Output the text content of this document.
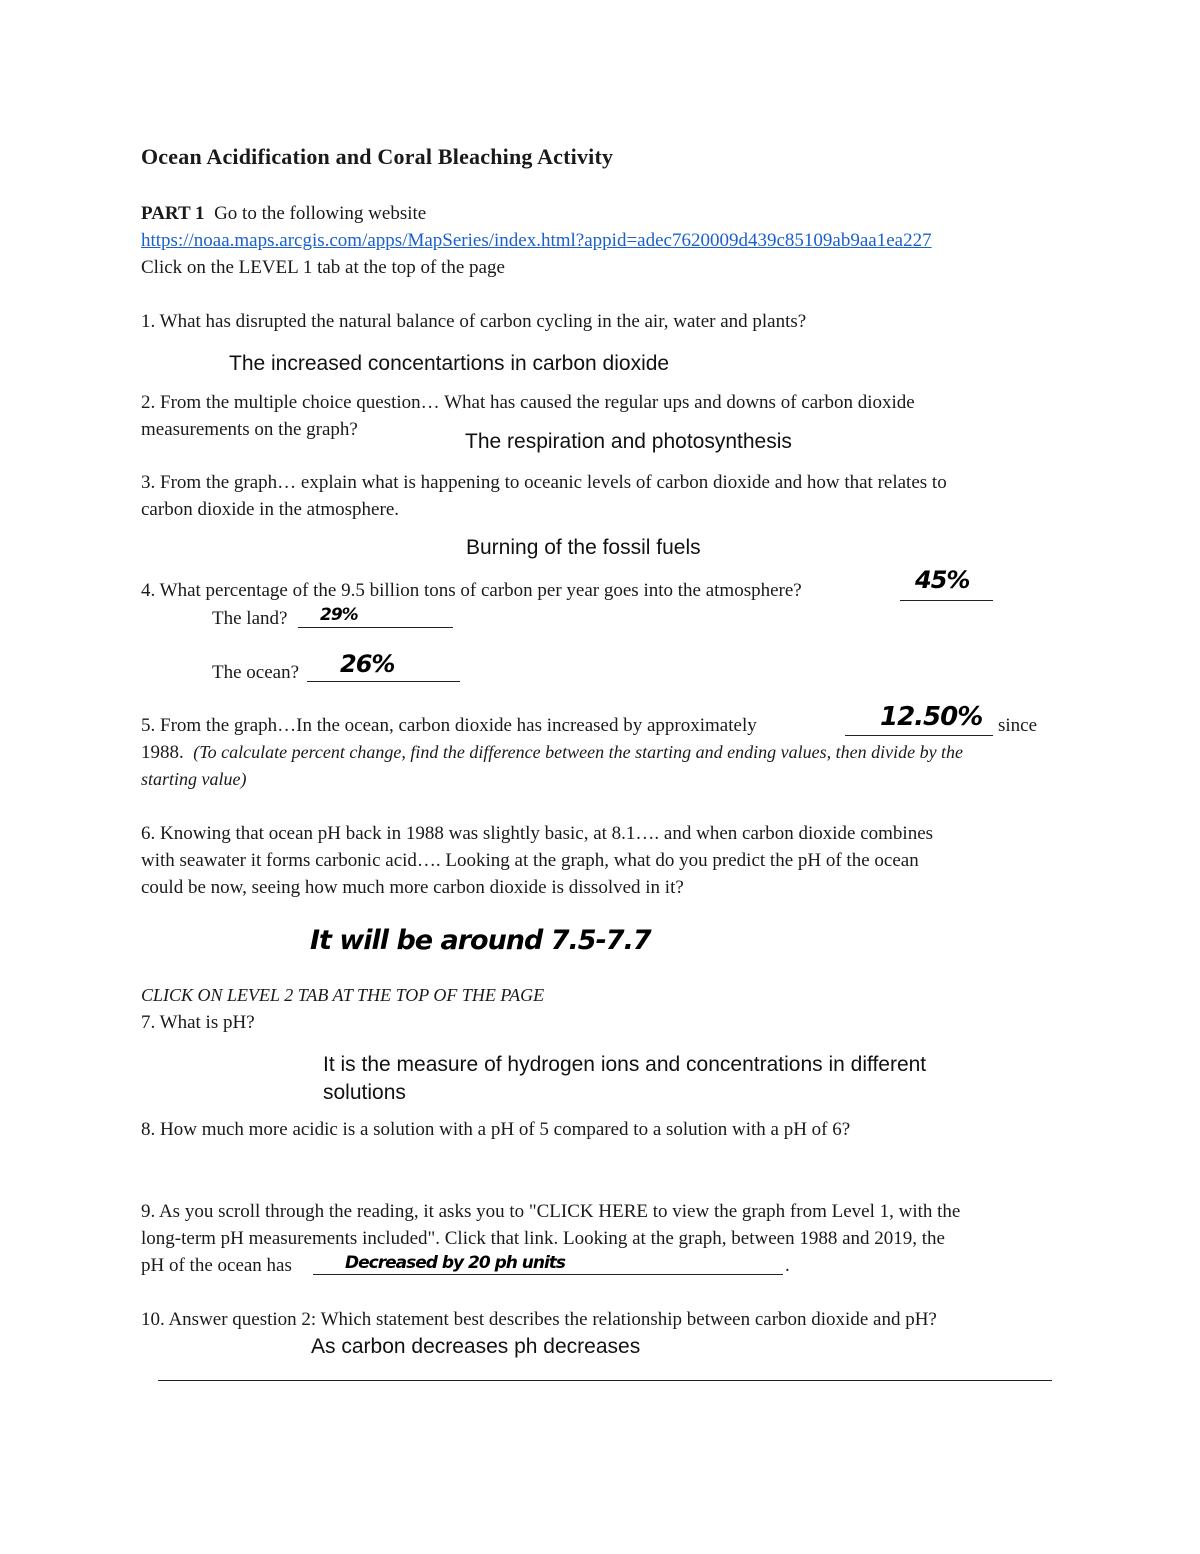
Ocean Acidification and Coral Bleaching Activity
PART 1 Go to the following website
https://noaa.maps.arcgis.com/apps/MapSeries/index.html?appid=adec7620009d439c85109ab9aa1ea227
Click on the LEVEL 1 tab at the top of the page
1. What has disrupted the natural balance of carbon cycling in the air, water and plants?
The increased concentartions in carbon dioxide
2. From the multiple choice question… What has caused the regular ups and downs of carbon dioxide
measurements on the graph?
The respiration and photosynthesis
3. From the graph… explain what is happening to oceanic levels of carbon dioxide and how that relates to
carbon dioxide in the atmosphere.
Burning of the fossil fuels
4. What percentage of the 9.5 billion tons of carbon per year goes into the atmosphere?	45%
The land? 29%
The ocean? 26%
5. From the graph…In the ocean, carbon dioxide has increased by approximately	12.50% since
1988. (To calculate percent change, find the difference between the starting and ending values, then divide by the
starting value)
6. Knowing that ocean pH back in 1988 was slightly basic, at 8.1…. and when carbon dioxide combines
with seawater it forms carbonic acid…. Looking at the graph, what do you predict the pH of the ocean
could be now, seeing how much more carbon dioxide is dissolved in it?
It will be around 7.5-7.7
CLICK ON LEVEL 2 TAB AT THE TOP OF THE PAGE
7. What is pH?
It is the measure of hydrogen ions and concentrations in different
solutions
8. How much more acidic is a solution with a pH of 5 compared to a solution with a pH of 6?
9. As you scroll through the reading, it asks you to "CLICK HERE to view the graph from Level 1, with the
long-term pH measurements included". Click that link. Looking at the graph, between 1988 and 2019, the
pH of the ocean has	Decreased by 20 ph units	.
10. Answer question 2: Which statement best describes the relationship between carbon dioxide and pH?
As carbon decreases ph decreases
